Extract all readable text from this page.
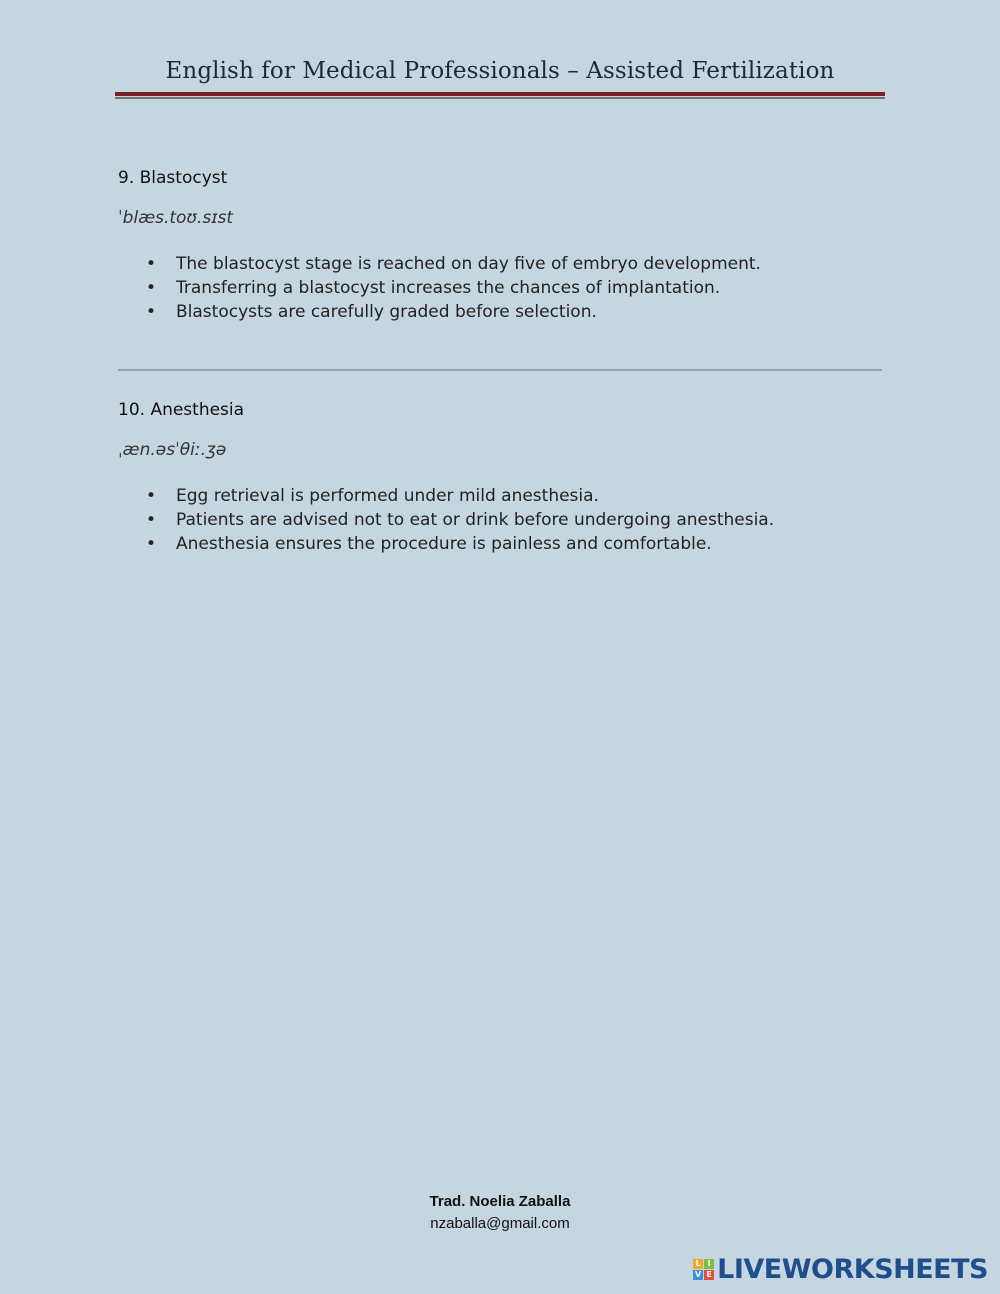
English for Medical Professionals – Assisted Fertilization
9. Blastocyst
ˈblæs.toʊ.sɪst
• The blastocyst stage is reached on day five of embryo development.
• Transferring a blastocyst increases the chances of implantation.
• Blastocysts are carefully graded before selection.
10. Anesthesia
ˌæn.əsˈθiː.ʒə
• Egg retrieval is performed under mild anesthesia.
• Patients are advised not to eat or drink before undergoing anesthesia.
• Anesthesia ensures the procedure is painless and comfortable.
Trad. Noelia Zaballa
nzaballa@gmail.com
L I
V E LIVEWORKSHEETS
